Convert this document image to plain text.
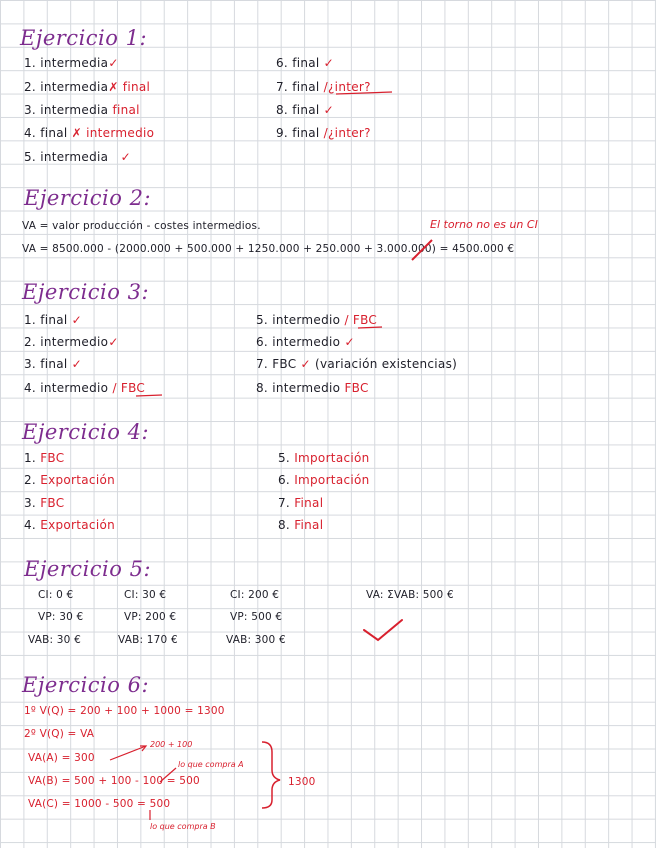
Ejercicio 1:
1. intermedia✓
2. intermedia✗ final
3. intermedia final
4. final ✗ intermedio
5. intermedia ✓
6. final ✓
7. final /¿inter?
8. final ✓
9. final /¿inter?
Ejercicio 2:
VA = valor producción - costes intermedios.	El torno no es un CI
VA = 8500.000 - (2000.000 + 500.000 + 1250.000 + 250.000 + 3.000.000) = 4500.000 €
Ejercicio 3:
1. final ✓
2. intermedio✓
3. final ✓
4. intermedio / FBC
5. intermedio / FBC
6. intermedio ✓
7. FBC ✓ (variación existencias)
8. intermedio FBC
Ejercicio 4:
1. FBC
2. Exportación
3. FBC
4. Exportación
5. Importación
6. Importación
7. Final
8. Final
Ejercicio 5:
CI: 0 €	CI: 30 €	CI: 200 €	VA: ΣVAB: 500 €
VP: 30 €	VP: 200 €	VP: 500 €
VAB: 30 €	VAB: 170 €	VAB: 300 €
Ejercicio 6:
1º V(Q) = 200 + 100 + 1000 = 1300
2º V(Q) = VA
VA(A) = 300
200 + 100
VA(B) = 500 + 100 - 100 = 500
lo que compra A
VA(C) = 1000 - 500 = 500
lo que compra B
1300
